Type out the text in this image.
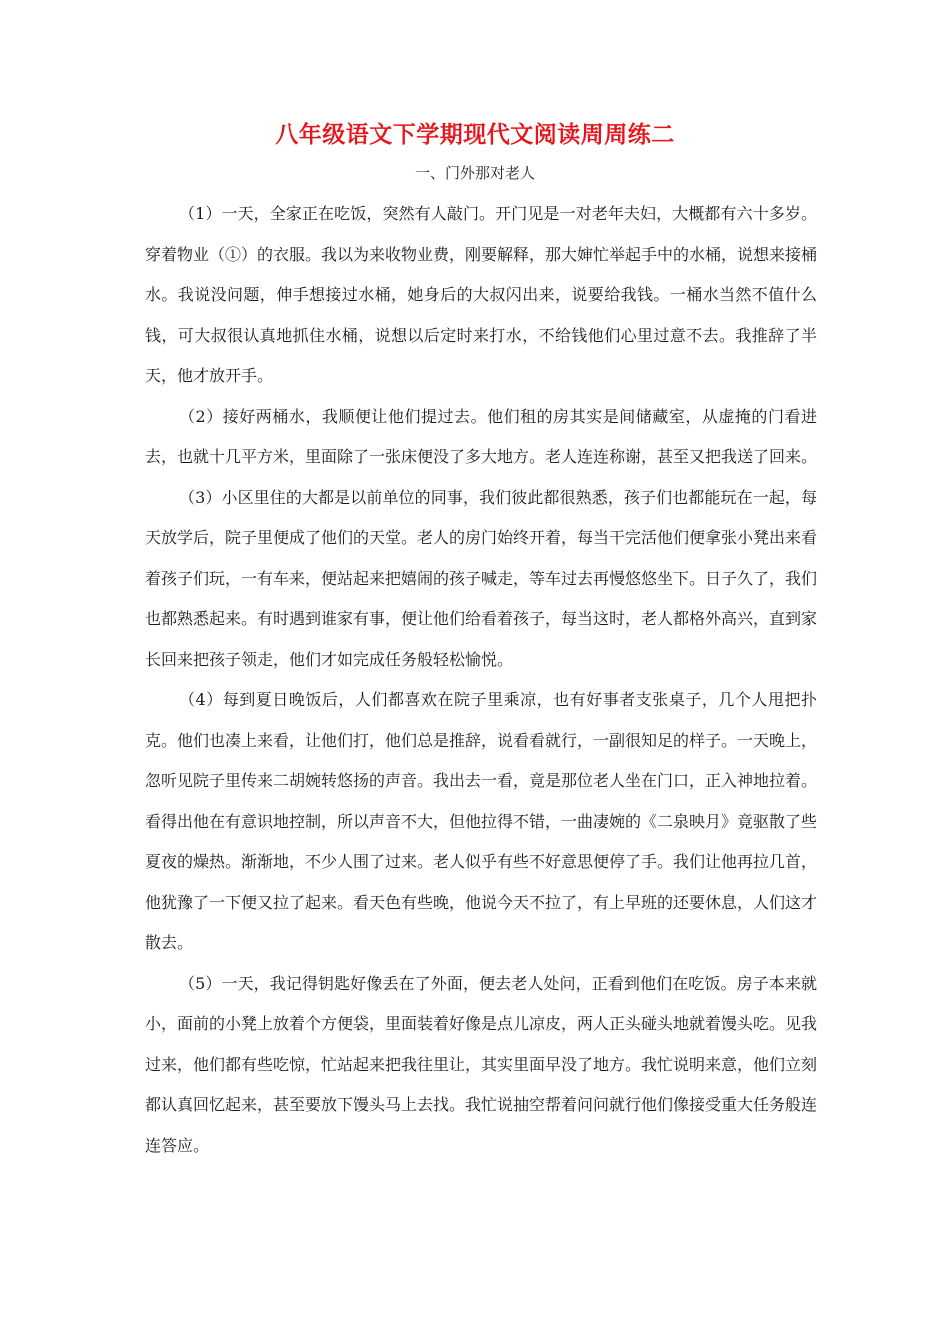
八年级语文下学期现代文阅读周周练二
一、门外那对老人

（1）一天，全家正在吃饭，突然有人敲门。开门见是一对老年夫妇，大概都有六十多岁。穿着物业（①）的衣服。我以为来收物业费，刚要解释，那大婶忙举起手中的水桶，说想来接桶水。我说没问题，伸手想接过水桶，她身后的大叔闪出来，说要给我钱。一桶水当然不值什么钱，可大叔很认真地抓住水桶，说想以后定时来打水，不给钱他们心里过意不去。我推辞了半天，他才放开手。

（2）接好两桶水，我顺便让他们提过去。他们租的房其实是间储藏室，从虚掩的门看进去，也就十几平方米，里面除了一张床便没了多大地方。老人连连称谢，甚至又把我送了回来。

（3）小区里住的大都是以前单位的同事，我们彼此都很熟悉，孩子们也都能玩在一起，每天放学后，院子里便成了他们的天堂。老人的房门始终开着，每当干完活他们便拿张小凳出来看着孩子们玩，一有车来，便站起来把嬉闹的孩子喊走，等车过去再慢悠悠坐下。日子久了，我们也都熟悉起来。有时遇到谁家有事，便让他们给看着孩子，每当这时，老人都格外高兴，直到家长回来把孩子领走，他们才如完成任务般轻松愉悦。

（4）每到夏日晚饭后，人们都喜欢在院子里乘凉，也有好事者支张桌子，几个人甩把扑克。他们也凑上来看，让他们打，他们总是推辞，说看看就行，一副很知足的样子。一天晚上，忽听见院子里传来二胡婉转悠扬的声音。我出去一看，竟是那位老人坐在门口，正入神地拉着。看得出他在有意识地控制，所以声音不大，但他拉得不错，一曲凄婉的《二泉映月》竟驱散了些夏夜的燥热。渐渐地，不少人围了过来。老人似乎有些不好意思便停了手。我们让他再拉几首，他犹豫了一下便又拉了起来。看天色有些晚，他说今天不拉了，有上早班的还要休息，人们这才散去。

（5）一天，我记得钥匙好像丢在了外面，便去老人处问，正看到他们在吃饭。房子本来就小，面前的小凳上放着个方便袋，里面装着好像是点儿凉皮，两人正头碰头地就着馒头吃。见我过来，他们都有些吃惊，忙站起来把我往里让，其实里面早没了地方。我忙说明来意，他们立刻都认真回忆起来，甚至要放下馒头马上去找。我忙说抽空帮着问问就行他们像接受重大任务般连连答应。
